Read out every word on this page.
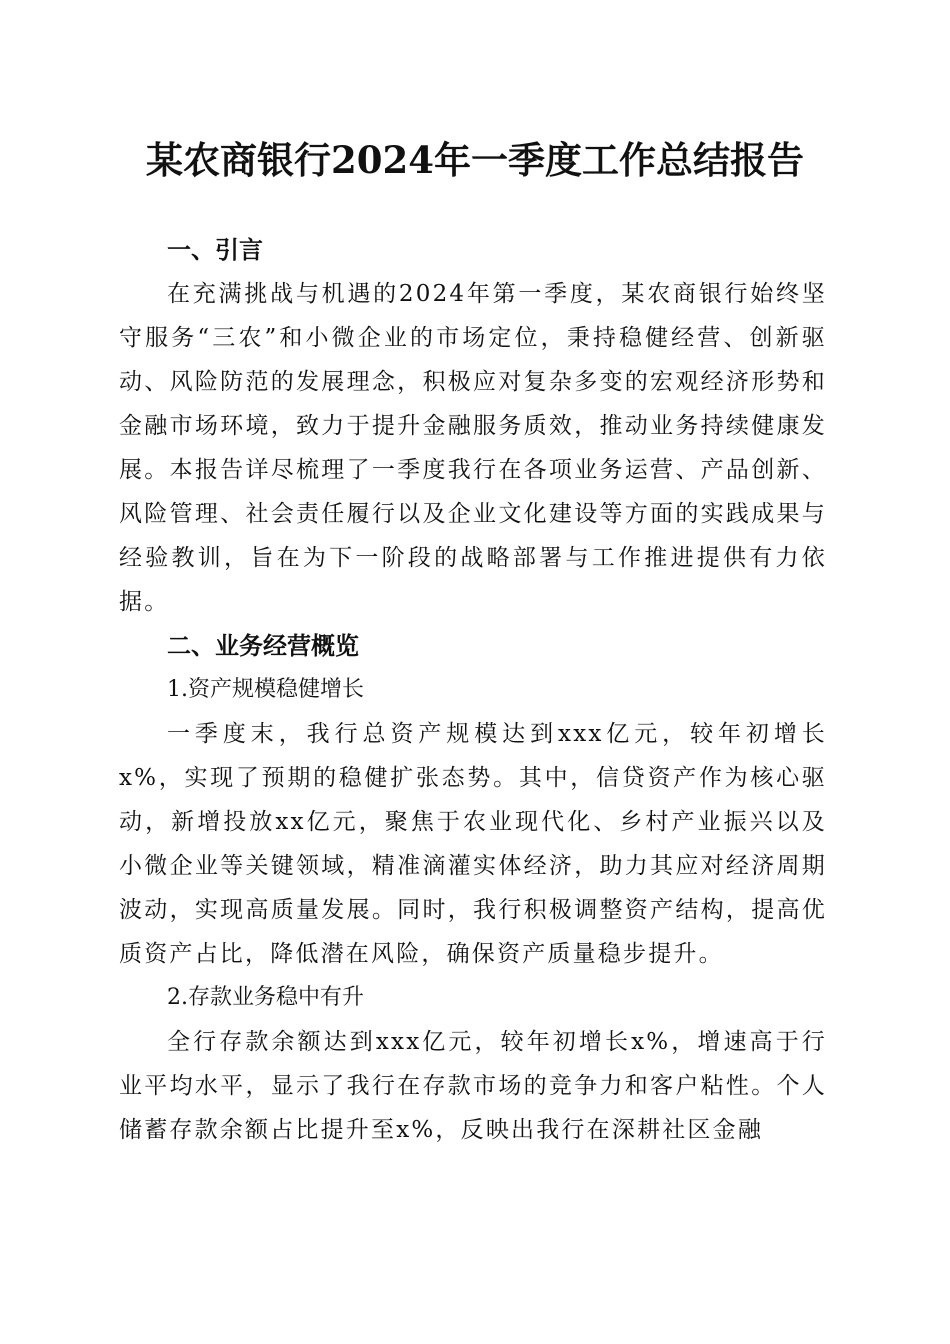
某农商银行2024年一季度工作总结报告
一、引言

在充满挑战与机遇的2024年第一季度，某农商银行始终坚守服务“三农”和小微企业的市场定位，秉持稳健经营、创新驱动、风险防范的发展理念，积极应对复杂多变的宏观经济形势和金融市场环境，致力于提升金融服务质效，推动业务持续健康发展。本报告详尽梳理了一季度我行在各项业务运营、产品创新、风险管理、社会责任履行以及企业文化建设等方面的实践成果与经验教训，旨在为下一阶段的战略部署与工作推进提供有力依据。

二、业务经营概览

1.资产规模稳健增长

一季度末，我行总资产规模达到xxx亿元，较年初增长x%，实现了预期的稳健扩张态势。其中，信贷资产作为核心驱动，新增投放xx亿元，聚焦于农业现代化、乡村产业振兴以及小微企业等关键领域，精准滴灌实体经济，助力其应对经济周期波动，实现高质量发展。同时，我行积极调整资产结构，提高优质资产占比，降低潜在风险，确保资产质量稳步提升。

2.存款业务稳中有升

全行存款余额达到xxx亿元，较年初增长x%，增速高于行业平均水平，显示了我行在存款市场的竞争力和客户粘性。个人储蓄存款余额占比提升至x%，反映出我行在深耕社区金融
